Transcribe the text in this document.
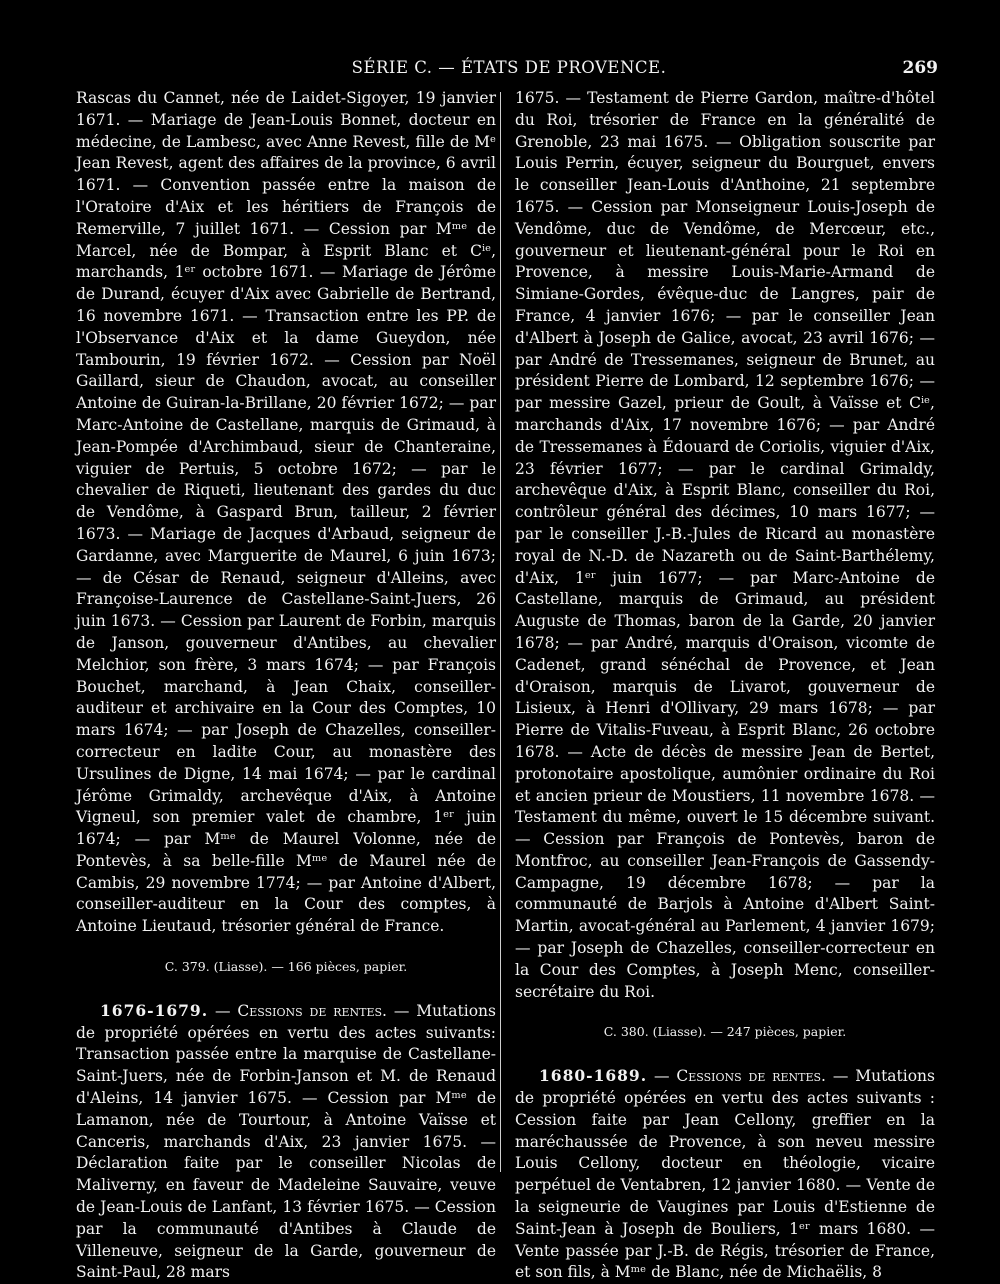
SÉRIE C. — ÉTATS DE PROVENCE.	269

Rascas du Cannet, née de Laidet-Sigoyer, 19 janvier 1671. — Mariage de Jean-Louis Bonnet, docteur en médecine, de Lambesc, avec Anne Revest, fille de Mᵉ Jean Revest, agent des affaires de la province, 6 avril 1671. — Convention passée entre la maison de l'Oratoire d'Aix et les héritiers de François de Remerville, 7 juillet 1671. — Cession par Mᵐᵉ de Marcel, née de Bompar, à Esprit Blanc et Cⁱᵉ, marchands, 1ᵉʳ octobre 1671. — Mariage de Jérôme de Durand, écuyer d'Aix avec Gabrielle de Bertrand, 16 novembre 1671. — Transaction entre les PP. de l'Observance d'Aix et la dame Gueydon, née Tambourin, 19 février 1672. — Cession par Noël Gaillard, sieur de Chaudon, avocat, au conseiller Antoine de Guiran-la-Brillane, 20 février 1672; — par Marc-Antoine de Castellane, marquis de Grimaud, à Jean-Pompée d'Archimbaud, sieur de Chanteraine, viguier de Pertuis, 5 octobre 1672; — par le chevalier de Riqueti, lieutenant des gardes du duc de Vendôme, à Gaspard Brun, tailleur, 2 février 1673. — Mariage de Jacques d'Arbaud, seigneur de Gardanne, avec Marguerite de Maurel, 6 juin 1673; — de César de Renaud, seigneur d'Alleins, avec Françoise-Laurence de Castellane-Saint-Juers, 26 juin 1673. — Cession par Laurent de Forbin, marquis de Janson, gouverneur d'Antibes, au chevalier Melchior, son frère, 3 mars 1674; — par François Bouchet, marchand, à Jean Chaix, conseiller-auditeur et archivaire en la Cour des Comptes, 10 mars 1674; — par Joseph de Chazelles, conseiller-correcteur en ladite Cour, au monastère des Ursulines de Digne, 14 mai 1674; — par le cardinal Jérôme Grimaldy, archevêque d'Aix, à Antoine Vigneul, son premier valet de chambre, 1ᵉʳ juin 1674; — par Mᵐᵉ de Maurel Volonne, née de Pontevès, à sa belle-fille Mᵐᵉ de Maurel née de Cambis, 29 novembre 1774; — par Antoine d'Albert, conseiller-auditeur en la Cour des comptes, à Antoine Lieutaud, trésorier général de France.

C. 379. (Liasse). — 166 pièces, papier.

1676-1679. — Cessions de rentes. — Mutations de propriété opérées en vertu des actes suivants: Transaction passée entre la marquise de Castellane-Saint-Juers, née de Forbin-Janson et M. de Renaud d'Aleins, 14 janvier 1675. — Cession par Mᵐᵉ de Lamanon, née de Tourtour, à Antoine Vaïsse et Canceris, marchands d'Aix, 23 janvier 1675. — Déclaration faite par le conseiller Nicolas de Maliverny, en faveur de Madeleine Sauvaire, veuve de Jean-Louis de Lanfant, 13 février 1675. — Cession par la communauté d'Antibes à Claude de Villeneuve, seigneur de la Garde, gouverneur de Saint-Paul, 28 mars

1675. — Testament de Pierre Gardon, maître-d'hôtel du Roi, trésorier de France en la généralité de Grenoble, 23 mai 1675. — Obligation souscrite par Louis Perrin, écuyer, seigneur du Bourguet, envers le conseiller Jean-Louis d'Anthoine, 21 septembre 1675. — Cession par Monseigneur Louis-Joseph de Vendôme, duc de Vendôme, de Mercœur, etc., gouverneur et lieutenant-général pour le Roi en Provence, à messire Louis-Marie-Armand de Simiane-Gordes, évêque-duc de Langres, pair de France, 4 janvier 1676; — par le conseiller Jean d'Albert à Joseph de Galice, avocat, 23 avril 1676; — par André de Tressemanes, seigneur de Brunet, au président Pierre de Lombard, 12 septembre 1676; — par messire Gazel, prieur de Goult, à Vaïsse et Cⁱᵉ, marchands d'Aix, 17 novembre 1676; — par André de Tressemanes à Édouard de Coriolis, viguier d'Aix, 23 février 1677; — par le cardinal Grimaldy, archevêque d'Aix, à Esprit Blanc, conseiller du Roi, contrôleur général des décimes, 10 mars 1677; — par le conseiller J.-B.-Jules de Ricard au monastère royal de N.-D. de Nazareth ou de Saint-Barthélemy, d'Aix, 1ᵉʳ juin 1677; — par Marc-Antoine de Castellane, marquis de Grimaud, au président Auguste de Thomas, baron de la Garde, 20 janvier 1678; — par André, marquis d'Oraison, vicomte de Cadenet, grand sénéchal de Provence, et Jean d'Oraison, marquis de Livarot, gouverneur de Lisieux, à Henri d'Ollivary, 29 mars 1678; — par Pierre de Vitalis-Fuveau, à Esprit Blanc, 26 octobre 1678. — Acte de décès de messire Jean de Bertet, protonotaire apostolique, aumônier ordinaire du Roi et ancien prieur de Moustiers, 11 novembre 1678. — Testament du même, ouvert le 15 décembre suivant. — Cession par François de Pontevès, baron de Montfroc, au conseiller Jean-François de Gassendy-Campagne, 19 décembre 1678; — par la communauté de Barjols à Antoine d'Albert Saint-Martin, avocat-général au Parlement, 4 janvier 1679; — par Joseph de Chazelles, conseiller-correcteur en la Cour des Comptes, à Joseph Menc, conseiller-secrétaire du Roi.

C. 380. (Liasse). — 247 pièces, papier.

1680-1689. — Cessions de rentes. — Mutations de propriété opérées en vertu des actes suivants : Cession faite par Jean Cellony, greffier en la maréchaussée de Provence, à son neveu messire Louis Cellony, docteur en théologie, vicaire perpétuel de Ventabren, 12 janvier 1680. — Vente de la seigneurie de Vaugines par Louis d'Estienne de Saint-Jean à Joseph de Bouliers, 1ᵉʳ mars 1680. — Vente passée par J.-B. de Régis, trésorier de France, et son fils, à Mᵐᵉ de Blanc, née de Michaëlis, 8
